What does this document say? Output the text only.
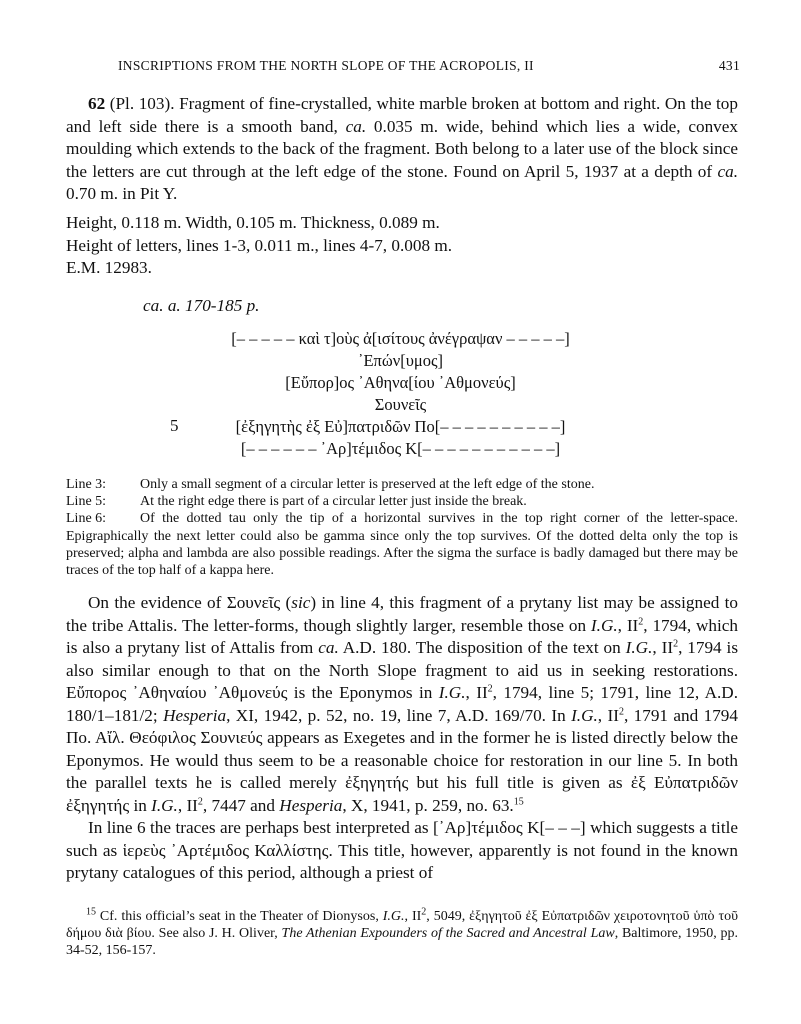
INSCRIPTIONS FROM THE NORTH SLOPE OF THE ACROPOLIS, II	431

62 (Pl. 103). Fragment of fine-crystalled, white marble broken at bottom and right. On the top and left side there is a smooth band, ca. 0.035 m. wide, behind which lies a wide, convex moulding which extends to the back of the fragment. Both belong to a later use of the block since the letters are cut through at the left edge of the stone. Found on April 5, 1937 at a depth of ca. 0.70 m. in Pit Y.

Height, 0.118 m. Width, 0.105 m. Thickness, 0.089 m.
Height of letters, lines 1-3, 0.011 m., lines 4-7, 0.008 m.
E.M. 12983.
ca. a. 170-185 p.
[– – – – – καὶ τ]οὺς ἀ[ισίτους ἀνέγραψαν – – – – –]
᾿Επών[υμος]
[Εὔπορ]ος ᾿Αθηνα[ίου ᾿Αθμονεύς]
Σουνεῖς
5	[ἐξηγητὴς ἐξ Εὐ]πατριδῶν Πο[– – – – – – – – – –]
[– – – – – – ᾿Αρ]τέμιδος Κ[– – – – – – – – – – –]
Line 3: Only a small segment of a circular letter is preserved at the left edge of the stone.
Line 5: At the right edge there is part of a circular letter just inside the break.
Line 6: Of the dotted tau only the tip of a horizontal survives in the top right corner of the letter-space. Epigraphically the next letter could also be gamma since only the top survives. Of the dotted delta only the top is preserved; alpha and lambda are also possible readings. After the sigma the surface is badly damaged but there may be traces of the top half of a kappa here.

On the evidence of Σουνεῖς (sic) in line 4, this fragment of a prytany list may be assigned to the tribe Attalis. The letter-forms, though slightly larger, resemble those on I.G., $II^2$, 1794, which is also a prytany list of Attalis from ca. A.D. 180. The disposition of the text on I.G., $II^2$, 1794 is also similar enough to that on the North Slope fragment to aid us in seeking restorations. Εὔπορος ᾿Αθηναίου ᾿Αθμονεύς is the Eponymos in I.G., $II^2$, 1794, line 5; 1791, line 12, A.D. 180/1–181/2; Hesperia, XI, 1942, p. 52, no. 19, line 7, A.D. 169/70. In I.G., $II^2$, 1791 and 1794 Πο. Αἴλ. Θεόφιλος Σουνιεύς appears as Exegetes and in the former he is listed directly below the Eponymos. He would thus seem to be a reasonable choice for restoration in our line 5. In both the parallel texts he is called merely ἐξηγητής but his full title is given as ἐξ Εὐπατριδῶν ἐξηγητής in I.G., $II^2$, 7447 and Hesperia, X, 1941, p. 259, no. 63.15
In line 6 the traces are perhaps best interpreted as [᾿Αρ]τέμιδος Κ[– – –] which suggests a title such as ἱερεὺς ᾿Αρτέμιδος Καλλίστης. This title, however, apparently is not found in the known prytany catalogues of this period, although a priest of

$^{15}$ Cf. this official’s seat in the Theater of Dionysos, I.G., $II^2$, 5049, ἐξηγητοῦ ἐξ Εὐπατριδῶν χειροτονητοῦ ὑπὸ τοῦ δήμου διὰ βίου. See also J. H. Oliver, The Athenian Expounders of the Sacred and Ancestral Law, Baltimore, 1950, pp. 34-52, 156-157.
